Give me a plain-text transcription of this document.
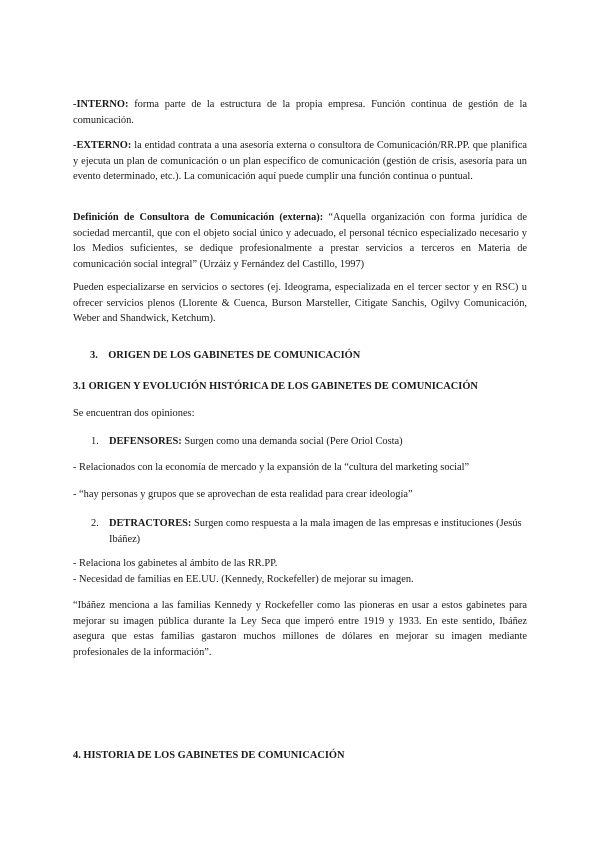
-INTERNO: forma parte de la estructura de la propia empresa. Función continua de gestión de la comunicación.

-EXTERNO: la entidad contrata a una asesoría externa o consultora de Comunicación/RR.PP. que planifica y ejecuta un plan de comunicación o un plan específico de comunicación (gestión de crisis, asesoría para un evento determinado, etc.). La comunicación aquí puede cumplir una función continua o puntual.

Definición de Consultora de Comunicación (externa): “Aquella organización con forma jurídica de sociedad mercantil, que con el objeto social único y adecuado, el personal técnico especializado necesario y los Medios suficientes, se dedique profesionalmente a prestar servicios a terceros en Materia de comunicación social integral” (Urzáiz y Fernández del Castillo, 1997)

Pueden especializarse en servicios o sectores (ej. Ideograma, especializada en el tercer sector y en RSC) u ofrecer servicios plenos (Llorente & Cuenca, Burson Marsteller, Citigate Sanchis, Ogilvy Comunicación, Weber and Shandwick, Ketchum).

3. ORIGEN DE LOS GABINETES DE COMUNICACIÓN
3.1 ORIGEN Y EVOLUCIÓN HISTÓRICA DE LOS GABINETES DE COMUNICACIÓN

Se encuentran dos opiniones:

1. DEFENSORES: Surgen como una demanda social (Pere Oriol Costa)

- Relacionados con la economía de mercado y la expansión de la “cultura del marketing social”

- “hay personas y grupos que se aprovechan de esta realidad para crear ideología”

2. DETRACTORES: Surgen como respuesta a la mala imagen de las empresas e instituciones (Jesús Ibáñez)

- Relaciona los gabinetes al ámbito de las RR.PP.

- Necesidad de familias en EE.UU. (Kennedy, Rockefeller) de mejorar su imagen.

“Ibáñez menciona a las familias Kennedy y Rockefeller como las pioneras en usar a estos gabinetes para mejorar su imagen pública durante la Ley Seca que imperó entre 1919 y 1933. En este sentido, Ibáñez asegura que estas familias gastaron muchos millones de dólares en mejorar su imagen mediante profesionales de la información”.

4. HISTORIA DE LOS GABINETES DE COMUNICACIÓN
